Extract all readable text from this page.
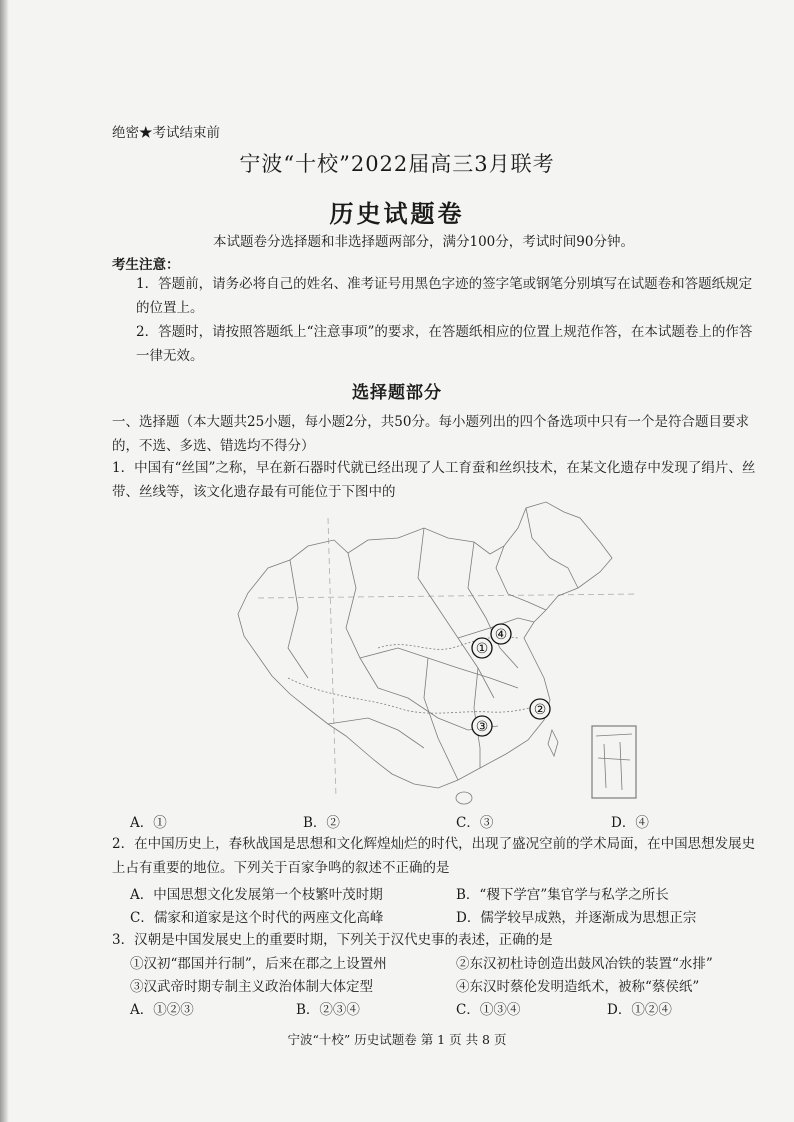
绝密★考试结束前
宁波“十校”2022届高三3月联考
历史试题卷
本试题卷分选择题和非选择题两部分，满分100分，考试时间90分钟。
考生注意：
1．答题前，请务必将自己的姓名、准考证号用黑色字迹的签字笔或钢笔分别填写在试题卷和答题纸规定的位置上。
2．答题时，请按照答题纸上“注意事项”的要求，在答题纸相应的位置上规范作答，在本试题卷上的作答一律无效。
选择题部分
一、选择题（本大题共25小题，每小题2分，共50分。每小题列出的四个备选项中只有一个是符合题目要求的，不选、多选、错选均不得分）
1．中国有“丝国”之称，早在新石器时代就已经出现了人工育蚕和丝织技术，在某文化遗存中发现了绢片、丝带、丝线等，该文化遗存最有可能位于下图中的
①
④
②
③
A．①	B．②	C．③	D．④
2．在中国历史上，春秋战国是思想和文化辉煌灿烂的时代，出现了盛况空前的学术局面，在中国思想发展史上占有重要的地位。下列关于百家争鸣的叙述不正确的是
A．中国思想文化发展第一个枝繁叶茂时期	B．“稷下学宫”集官学与私学之所长
C．儒家和道家是这个时代的两座文化高峰	D．儒学较早成熟，并逐渐成为思想正宗
3．汉朝是中国发展史上的重要时期，下列关于汉代史事的表述，正确的是
①汉初“郡国并行制”，后来在郡之上设置州	②东汉初杜诗创造出鼓风冶铁的装置“水排”
③汉武帝时期专制主义政治体制大体定型	④东汉时蔡伦发明造纸术，被称“蔡侯纸”
A．①②③	B．②③④	C．①③④	D．①②④
宁波“十校” 历史试题卷 第 1 页 共 8 页
